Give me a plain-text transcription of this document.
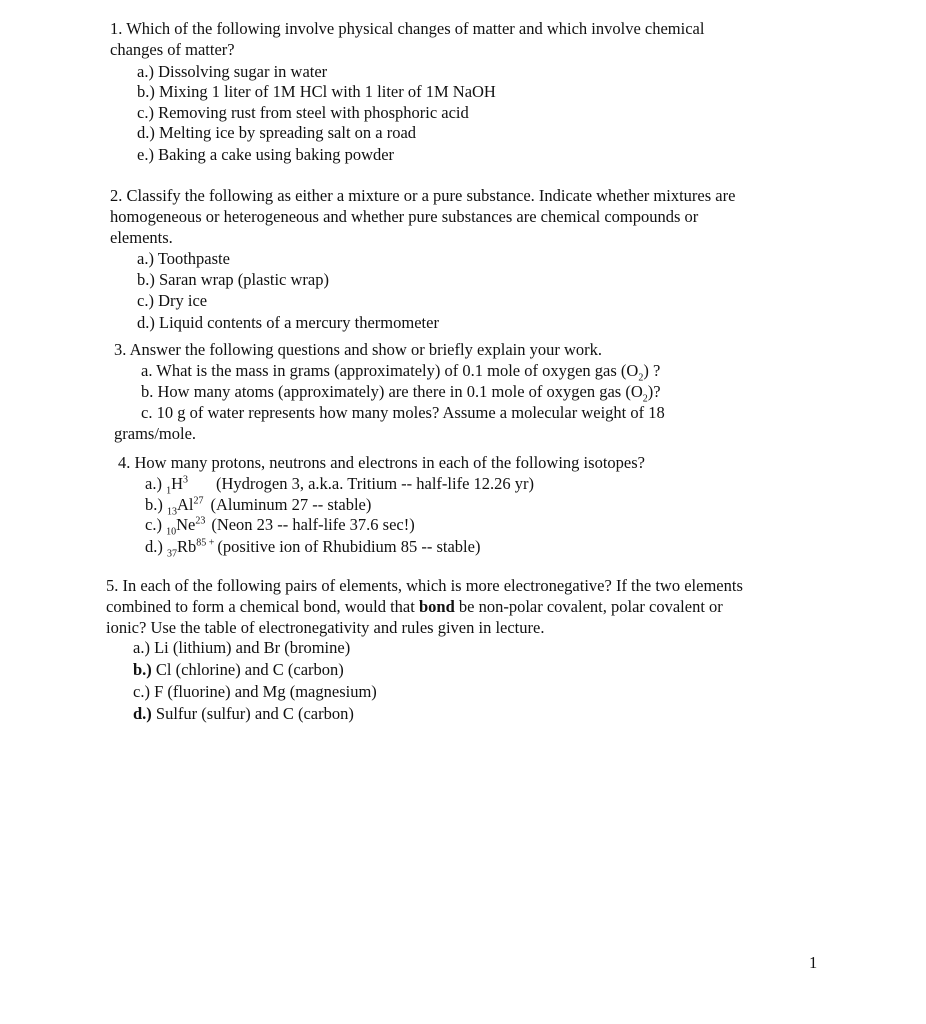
1. Which of the following involve physical changes of matter and which involve chemical
changes of matter?
a.) Dissolving sugar in water
b.) Mixing 1 liter of 1M HCl with 1 liter of 1M NaOH
c.) Removing rust from steel with phosphoric acid
d.) Melting ice by spreading salt on a road
e.) Baking a cake using baking powder
2. Classify the following as either a mixture or a pure substance. Indicate whether mixtures are
homogeneous or heterogeneous and whether pure substances are chemical compounds or
elements.
a.) Toothpaste
b.) Saran wrap (plastic wrap)
c.) Dry ice
d.) Liquid contents of a mercury thermometer
3. Answer the following questions and show or briefly explain your work.
a. What is the mass in grams (approximately) of 0.1 mole of oxygen gas $(O_2)$ ?
b. How many atoms (approximately) are there in 0.1 mole of oxygen gas $(O_2)$?
c. 10 g of water represents how many moles? Assume a molecular weight of 18
grams/mole.
4. How many protons, neutrons and electrons in each of the following isotopes?
a.) $_1H^3$ (Hydrogen 3, a.k.a. Tritium -- half-life 12.26 yr)
b.) $_{13}Al^{27}$ (Aluminum 27 -- stable)
c.) $_{10}Ne^{23}$ (Neon 23 -- half-life 37.6 sec!)
d.) $_{37}Rb^{85 +}$ (positive ion of Rhubidium 85 -- stable)
5. In each of the following pairs of elements, which is more electronegative? If the two elements
combined to form a chemical bond, would that bond be non-polar covalent, polar covalent or
ionic? Use the table of electronegativity and rules given in lecture.
a.) Li (lithium) and Br (bromine)
b.) Cl (chlorine) and C (carbon)
c.) F (fluorine) and Mg (magnesium)
d.) Sulfur (sulfur) and C (carbon)
1
